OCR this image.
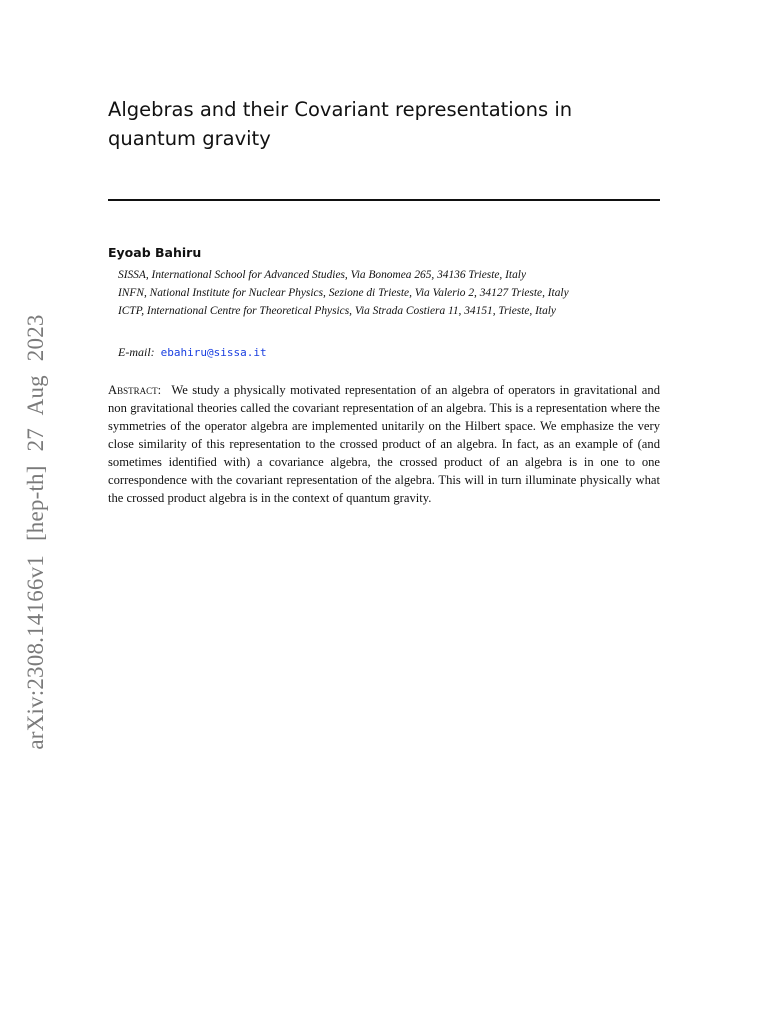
arXiv:2308.14166v1 [hep-th] 27 Aug 2023
Algebras and their Covariant representations in quantum gravity
Eyoab Bahiru

SISSA, International School for Advanced Studies, Via Bonomea 265, 34136 Trieste, Italy

INFN, National Institute for Nuclear Physics, Sezione di Trieste, Via Valerio 2, 34127 Trieste, Italy

ICTP, International Centre for Theoretical Physics, Via Strada Costiera 11, 34151, Trieste, Italy

E-mail: ebahiru@sissa.it

Abstract: We study a physically motivated representation of an algebra of operators in gravitational and non gravitational theories called the covariant representation of an algebra. This is a representation where the symmetries of the operator algebra are implemented unitarily on the Hilbert space. We emphasize the very close similarity of this representation to the crossed product of an algebra. In fact, as an example of (and sometimes identified with) a covariance algebra, the crossed product of an algebra is in one to one correspondence with the covariant representation of the algebra. This will in turn illuminate physically what the crossed product algebra is in the context of quantum gravity.
